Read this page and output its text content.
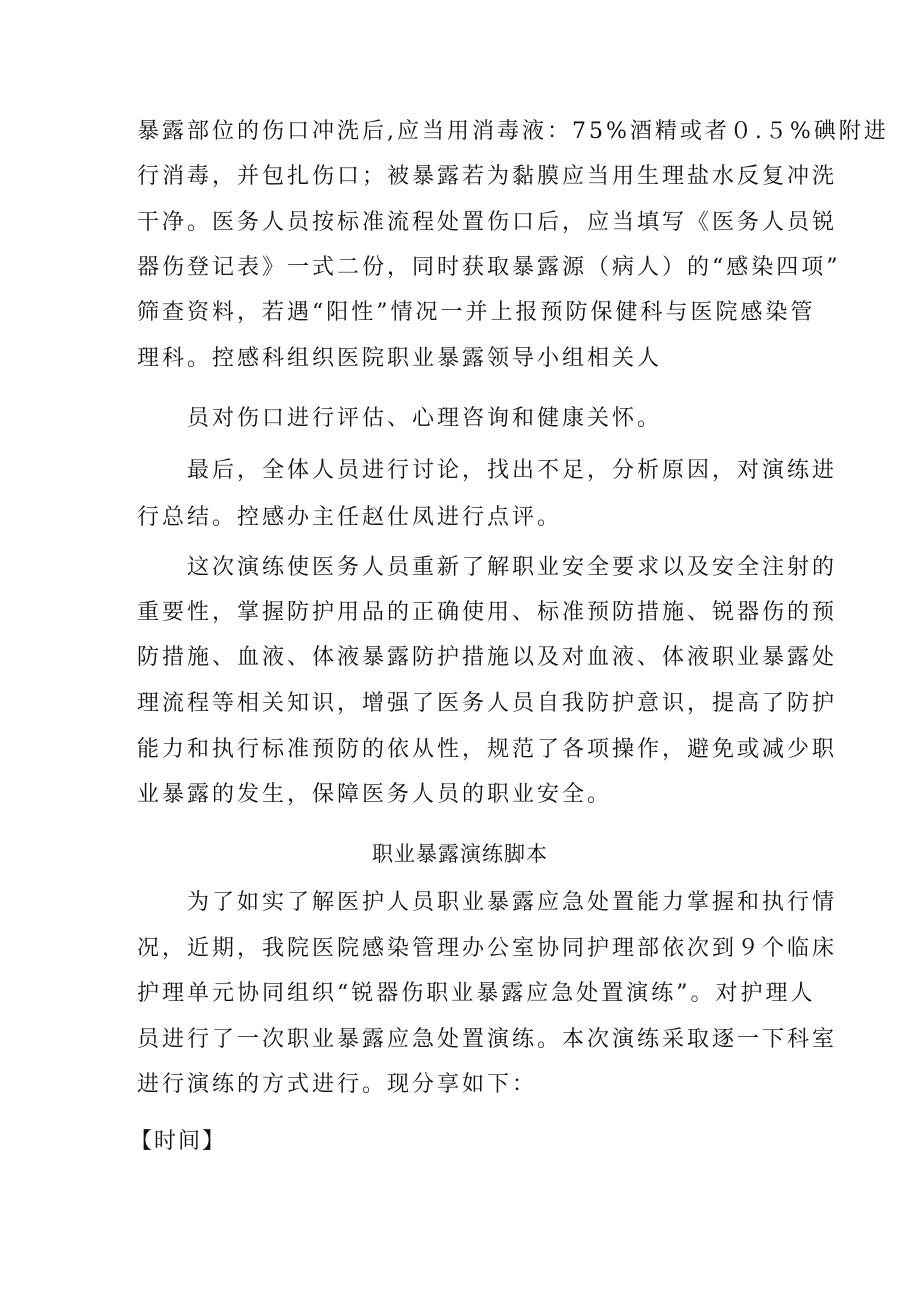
暴露部位的伤口冲洗后,应当用消毒液：75%酒精或者０.５%碘附进
行消毒，并包扎伤口；被暴露若为黏膜应当用生理盐水反复冲洗
干净。医务人员按标准流程处置伤口后，应当填写《医务人员锐
器伤登记表》一式二份，同时获取暴露源（病人）的“感染四项”
筛查资料，若遇“阳性”情况一并上报预防保健科与医院感染管
理科。控感科组织医院职业暴露领导小组相关人
员对伤口进行评估、心理咨询和健康关怀。
最后，全体人员进行讨论，找出不足，分析原因，对演练进
行总结。控感办主任赵仕凤进行点评。
这次演练使医务人员重新了解职业安全要求以及安全注射的
重要性，掌握防护用品的正确使用、标准预防措施、锐器伤的预
防措施、血液、体液暴露防护措施以及对血液、体液职业暴露处
理流程等相关知识，增强了医务人员自我防护意识，提高了防护
能力和执行标准预防的依从性，规范了各项操作，避免或减少职
业暴露的发生，保障医务人员的职业安全。
职业暴露演练脚本
为了如实了解医护人员职业暴露应急处置能力掌握和执行情
况，近期，我院医院感染管理办公室协同护理部依次到９个临床
护理单元协同组织“锐器伤职业暴露应急处置演练”。对护理人
员进行了一次职业暴露应急处置演练。本次演练采取逐一下科室
进行演练的方式进行。现分享如下：
【时间】
